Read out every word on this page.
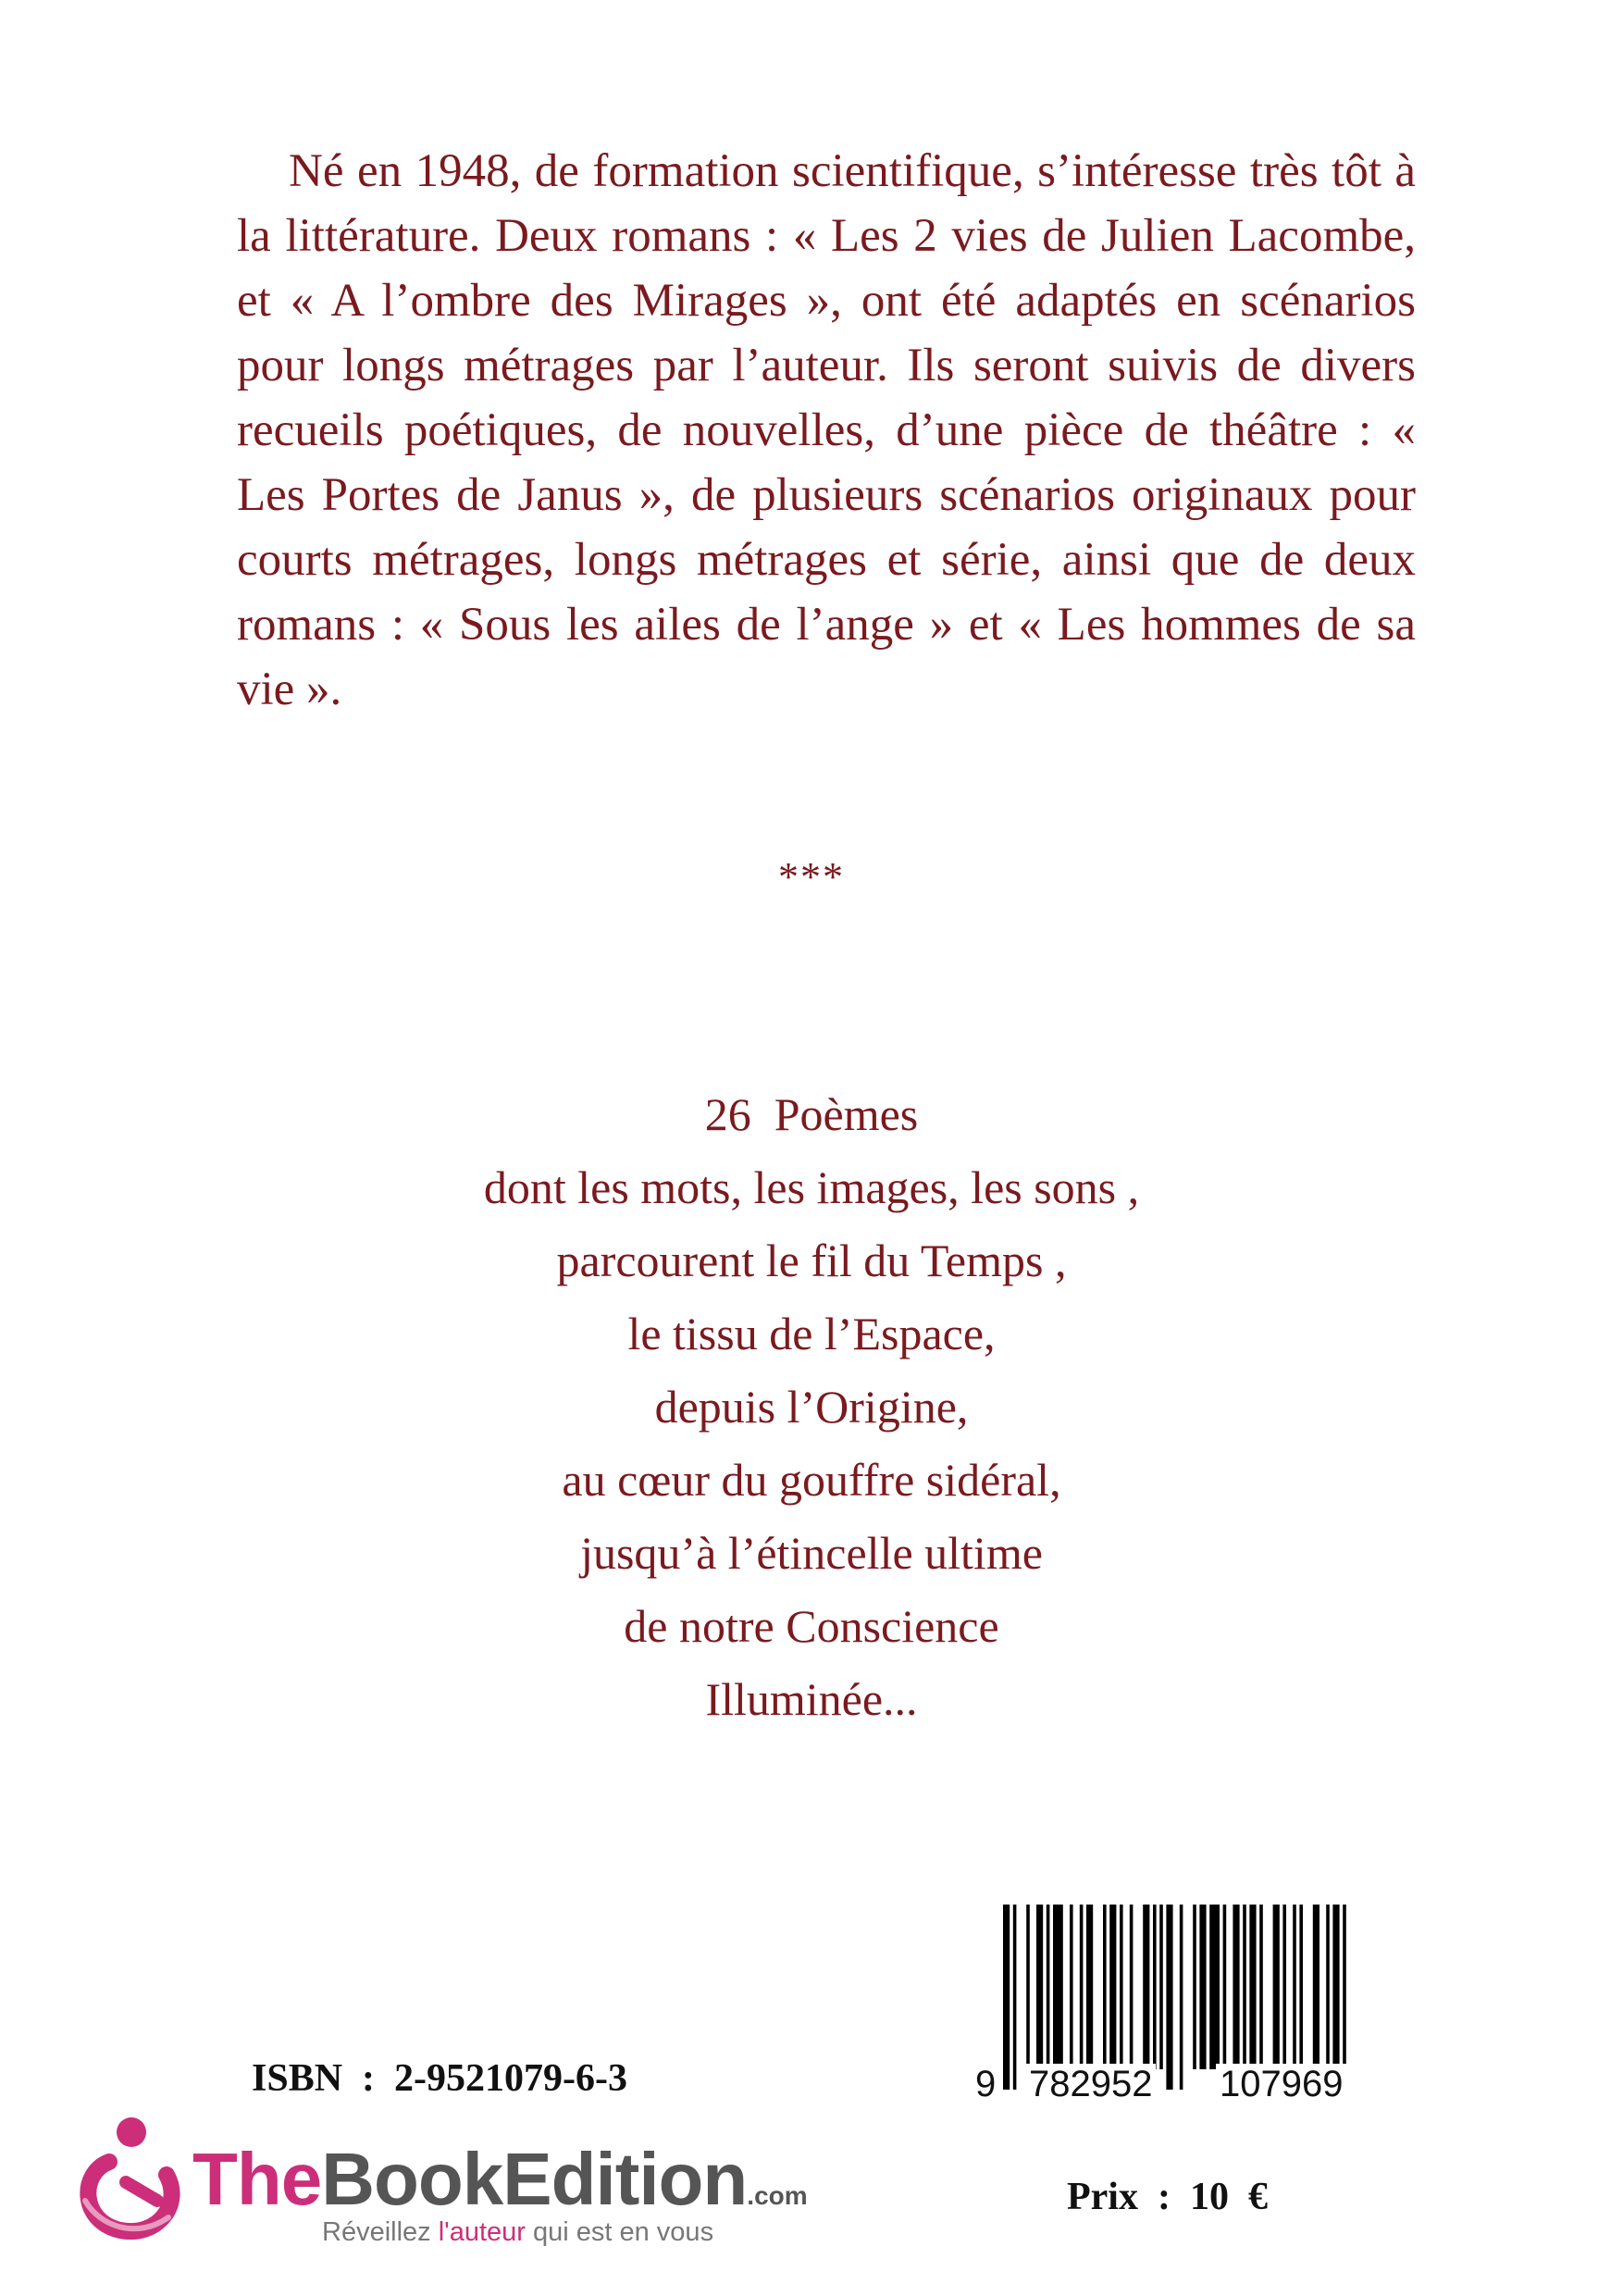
Né en 1948, de formation scientifique, s’intéresse très tôt à la littérature. Deux romans : « Les 2 vies de Julien Lacombe, et « A l’ombre des Mirages », ont été adaptés en scénarios pour longs métrages par l’auteur. Ils seront suivis de divers recueils poétiques, de nouvelles, d’une pièce de théâtre : « Les Portes de Janus », de plusieurs scénarios originaux pour courts métrages, longs métrages et série, ainsi que de deux romans : « Sous les ailes de l’ange » et « Les hommes de sa vie ».

***
26  Poèmes
dont les mots, les images, les sons ,
parcourent le fil du Temps ,
le tissu de l’Espace,
depuis l’Origine,
au cœur du gouffre sidéral,
jusqu’à l’étincelle ultime
de notre Conscience
Illuminée...
9 782952 107969
ISBN  :  2-9521079-6-3
TheBookEdition.com
Réveillez l'auteur qui est en vous
Prix  :  10  €
